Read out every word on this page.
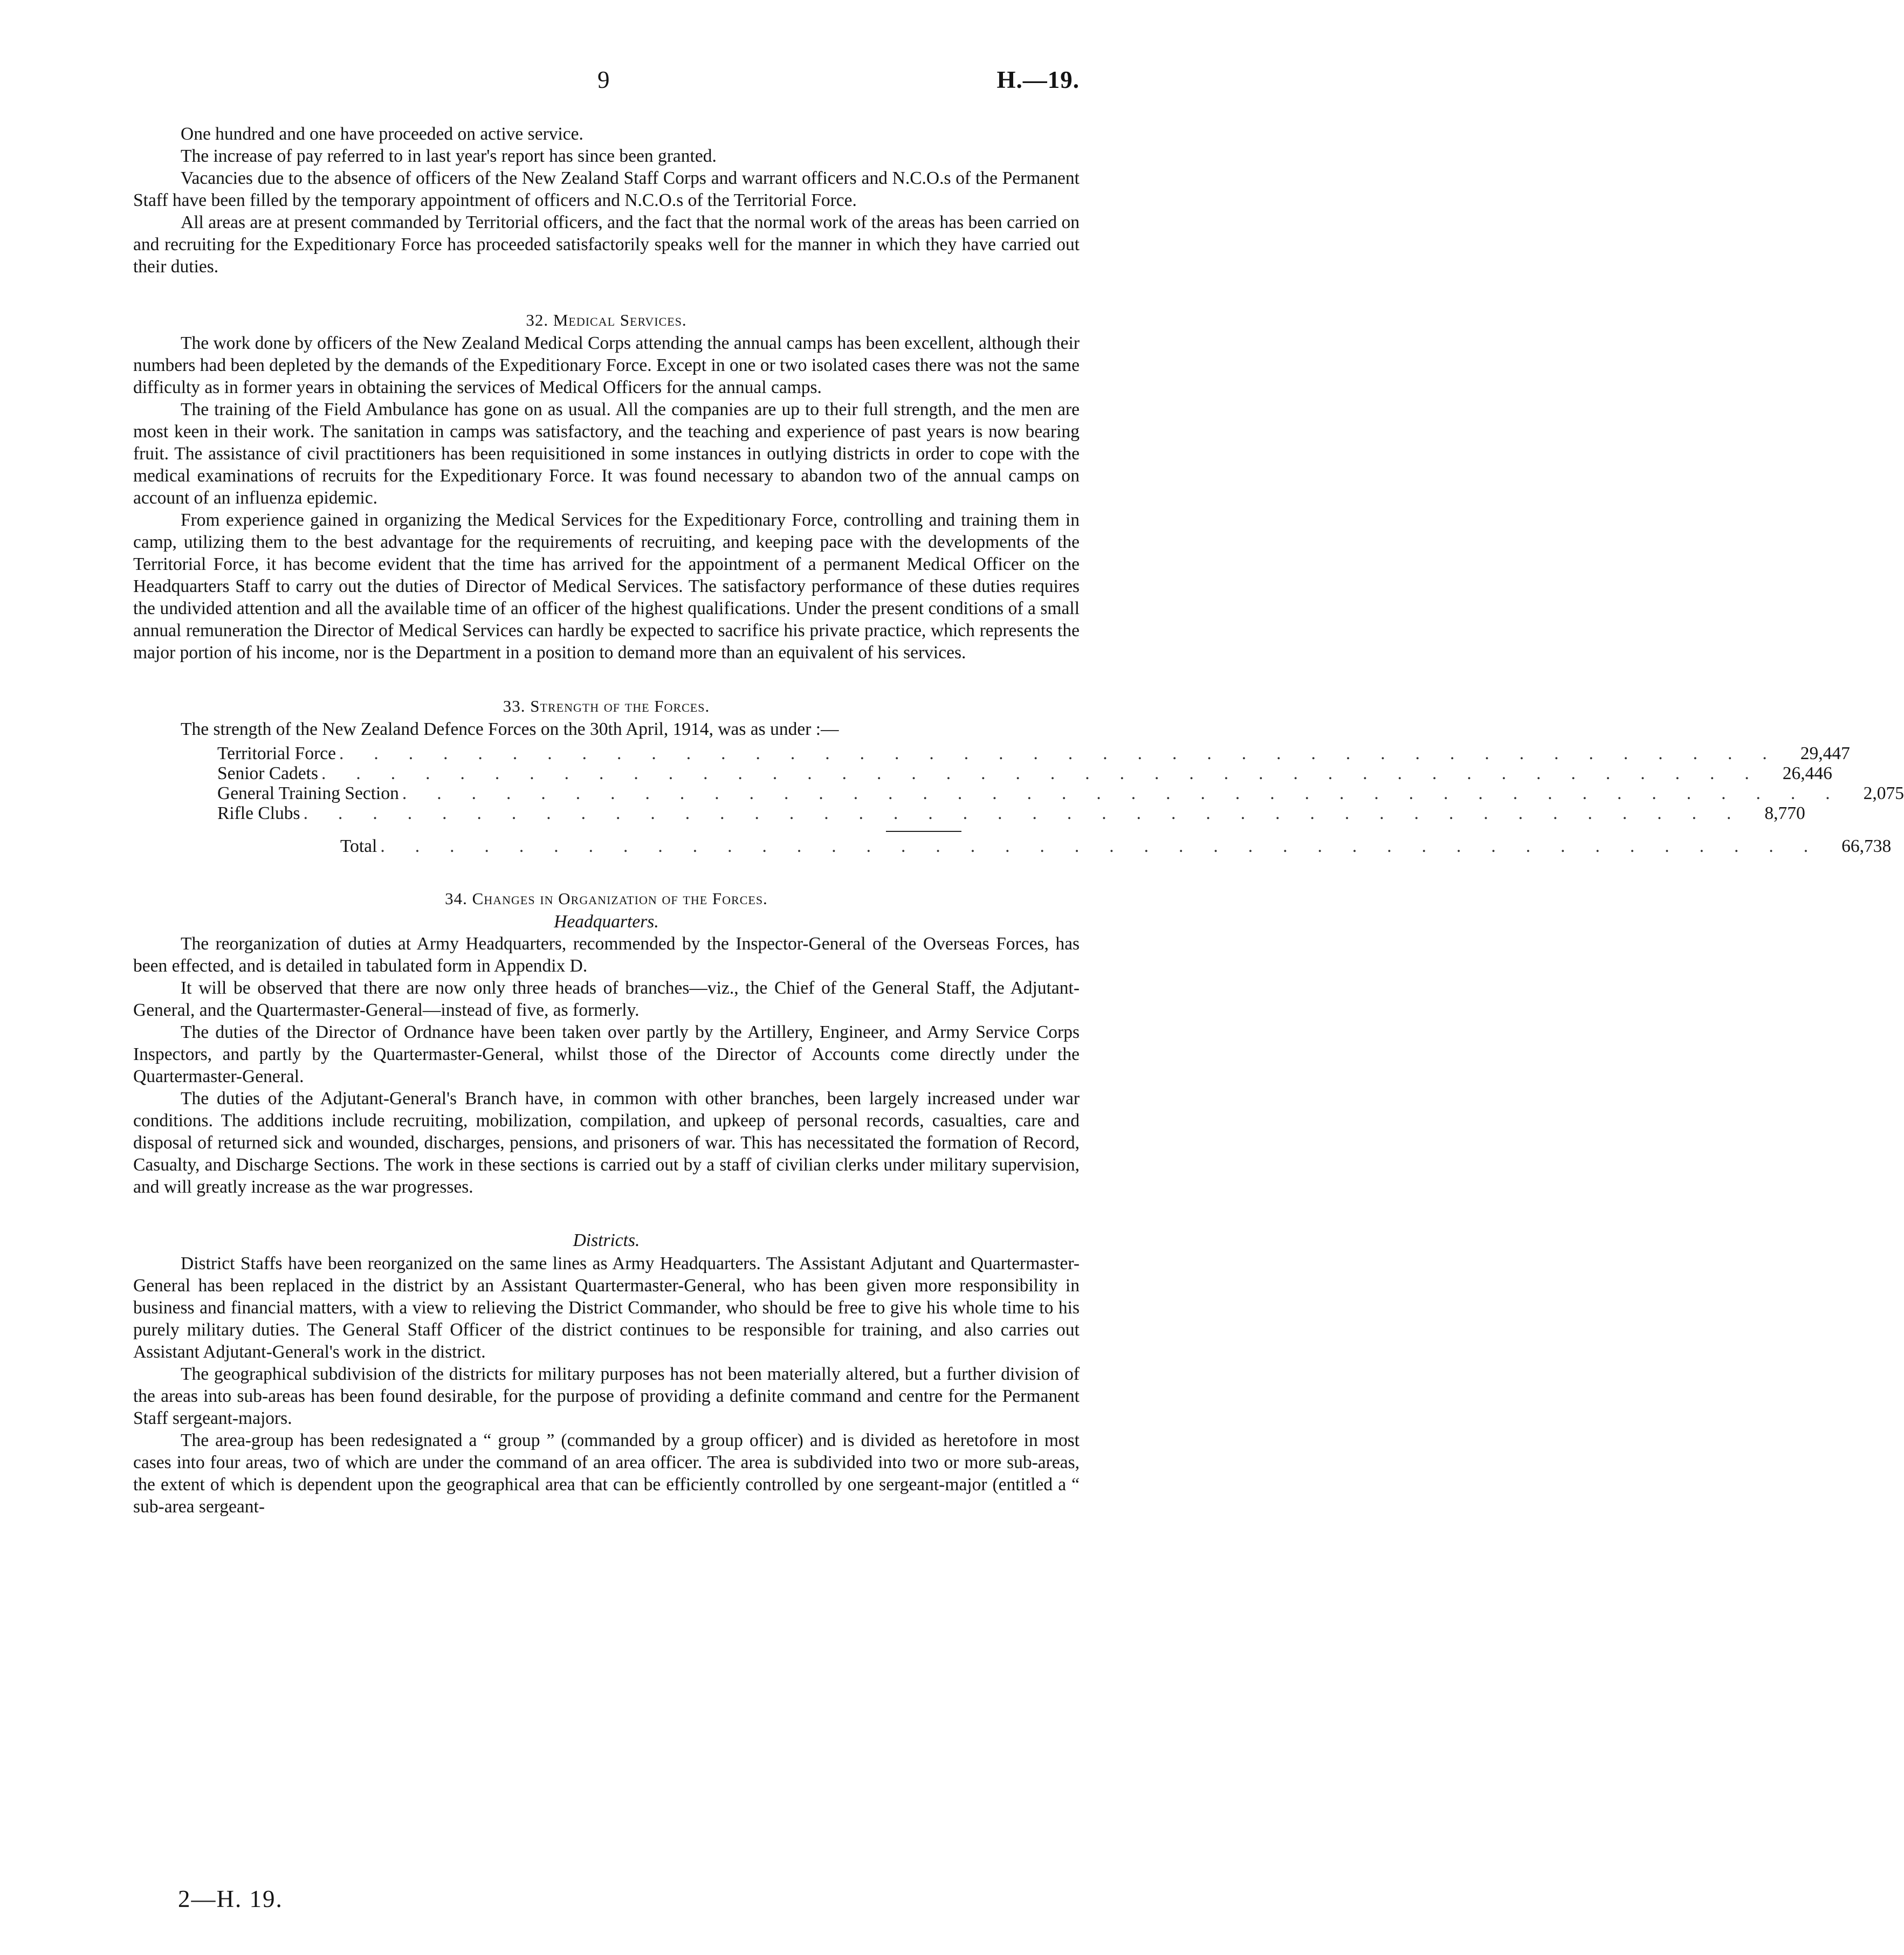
9	H.—19.

One hundred and one have proceeded on active service.

The increase of pay referred to in last year's report has since been granted.

Vacancies due to the absence of officers of the New Zealand Staff Corps and warrant officers and N.C.O.s of the Permanent Staff have been filled by the temporary appointment of officers and N.C.O.s of the Territorial Force.

All areas are at present commanded by Territorial officers, and the fact that the normal work of the areas has been carried on and recruiting for the Expeditionary Force has proceeded satisfactorily speaks well for the manner in which they have carried out their duties.

32. Medical Services.

The work done by officers of the New Zealand Medical Corps attending the annual camps has been excellent, although their numbers had been depleted by the demands of the Expeditionary Force. Except in one or two isolated cases there was not the same difficulty as in former years in obtaining the services of Medical Officers for the annual camps.

The training of the Field Ambulance has gone on as usual. All the companies are up to their full strength, and the men are most keen in their work. The sanitation in camps was satisfactory, and the teaching and experience of past years is now bearing fruit. The assistance of civil practitioners has been requisitioned in some instances in outlying districts in order to cope with the medical examinations of recruits for the Expeditionary Force. It was found necessary to abandon two of the annual camps on account of an influenza epidemic.

From experience gained in organizing the Medical Services for the Expeditionary Force, controlling and training them in camp, utilizing them to the best advantage for the requirements of recruiting, and keeping pace with the developments of the Territorial Force, it has become evident that the time has arrived for the appointment of a permanent Medical Officer on the Headquarters Staff to carry out the duties of Director of Medical Services. The satisfactory performance of these duties requires the undivided attention and all the available time of an officer of the highest qualifications. Under the present conditions of a small annual remuneration the Director of Medical Services can hardly be expected to sacrifice his private practice, which represents the major portion of his income, nor is the Department in a position to demand more than an equivalent of his services.

33. Strength of the Forces.

The strength of the New Zealand Defence Forces on the 30th April, 1914, was as under :—

Territorial Force .......................................... 29,447
Senior Cadets .......................................... 26,446
General Training Section .......................................... 2,075
Rifle Clubs .......................................... 8,770
Total .......................................... 66,738
34. Changes in Organization of the Forces.
Headquarters.

The reorganization of duties at Army Headquarters, recommended by the Inspector-General of the Overseas Forces, has been effected, and is detailed in tabulated form in Appendix D.

It will be observed that there are now only three heads of branches—viz., the Chief of the General Staff, the Adjutant-General, and the Quartermaster-General—instead of five, as formerly.

The duties of the Director of Ordnance have been taken over partly by the Artillery, Engineer, and Army Service Corps Inspectors, and partly by the Quartermaster-General, whilst those of the Director of Accounts come directly under the Quartermaster-General.

The duties of the Adjutant-General's Branch have, in common with other branches, been largely increased under war conditions. The additions include recruiting, mobilization, compilation, and upkeep of personal records, casualties, care and disposal of returned sick and wounded, discharges, pensions, and prisoners of war. This has necessitated the formation of Record, Casualty, and Discharge Sections. The work in these sections is carried out by a staff of civilian clerks under military supervision, and will greatly increase as the war progresses.

Districts.

District Staffs have been reorganized on the same lines as Army Headquarters. The Assistant Adjutant and Quartermaster-General has been replaced in the district by an Assistant Quartermaster-General, who has been given more responsibility in business and financial matters, with a view to relieving the District Commander, who should be free to give his whole time to his purely military duties. The General Staff Officer of the district continues to be responsible for training, and also carries out Assistant Adjutant-General's work in the district.

The geographical subdivision of the districts for military purposes has not been materially altered, but a further division of the areas into sub-areas has been found desirable, for the purpose of providing a definite command and centre for the Permanent Staff sergeant-majors.

The area-group has been redesignated a “ group ” (commanded by a group officer) and is divided as heretofore in most cases into four areas, two of which are under the command of an area officer. The area is subdivided into two or more sub-areas, the extent of which is dependent upon the geographical area that can be efficiently controlled by one sergeant-major (entitled a “ sub-area sergeant-

2—H. 19.
